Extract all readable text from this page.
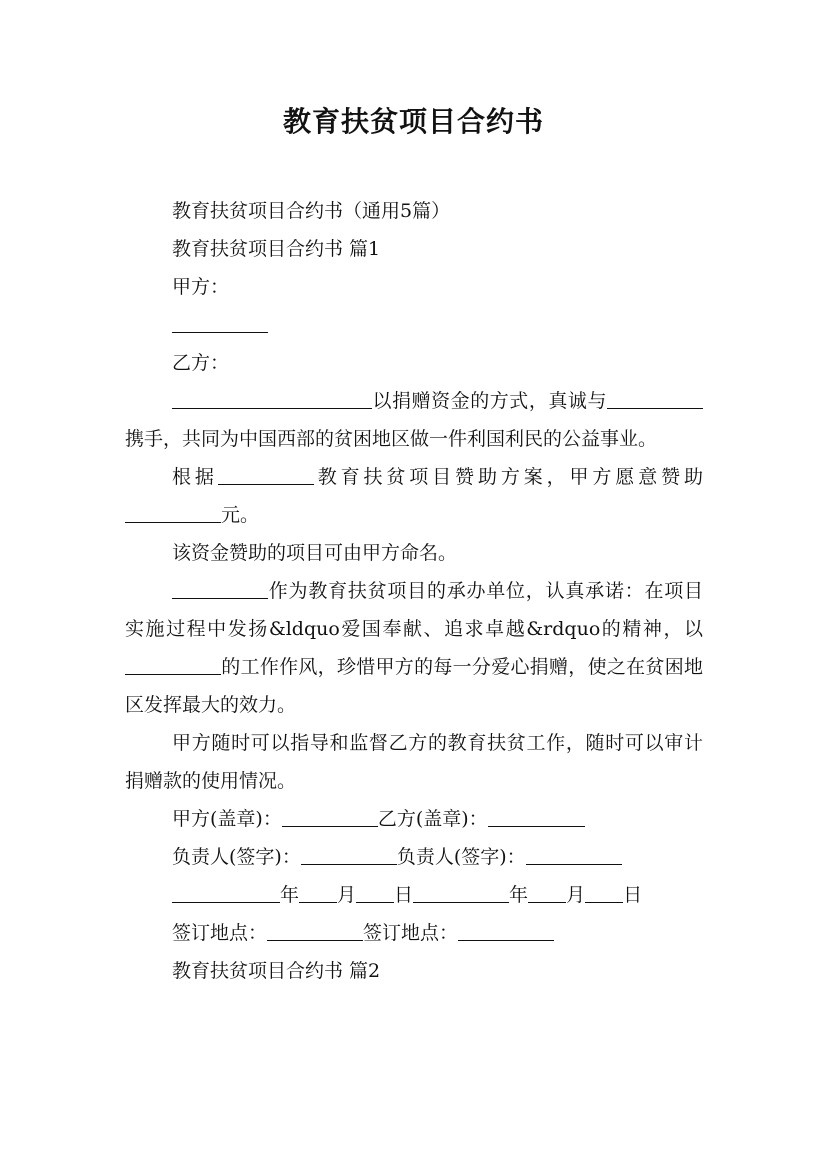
教育扶贫项目合约书

教育扶贫项目合约书（通用5篇）

教育扶贫项目合约书 篇1

甲方：

乙方：

以捐赠资金的方式，真诚与携手，共同为中国西部的贫困地区做一件利国利民的公益事业。

根据	教育扶贫项目赞助方案，甲方愿意赞助元。

该资金赞助的项目可由甲方命名。

作为教育扶贫项目的承办单位，认真承诺：在项目实施过程中发扬&ldquo爱国奉献、追求卓越&rdquo的精神，以的工作作风，珍惜甲方的每一分爱心捐赠，使之在贫困地区发挥最大的效力。

甲方随时可以指导和监督乙方的教育扶贫工作，随时可以审计捐赠款的使用情况。

甲方(盖章)：	乙方(盖章)：

负责人(签字)：	负责人(签字)：

年 月 日	年 月 日

签订地点：	签订地点：

教育扶贫项目合约书 篇2
